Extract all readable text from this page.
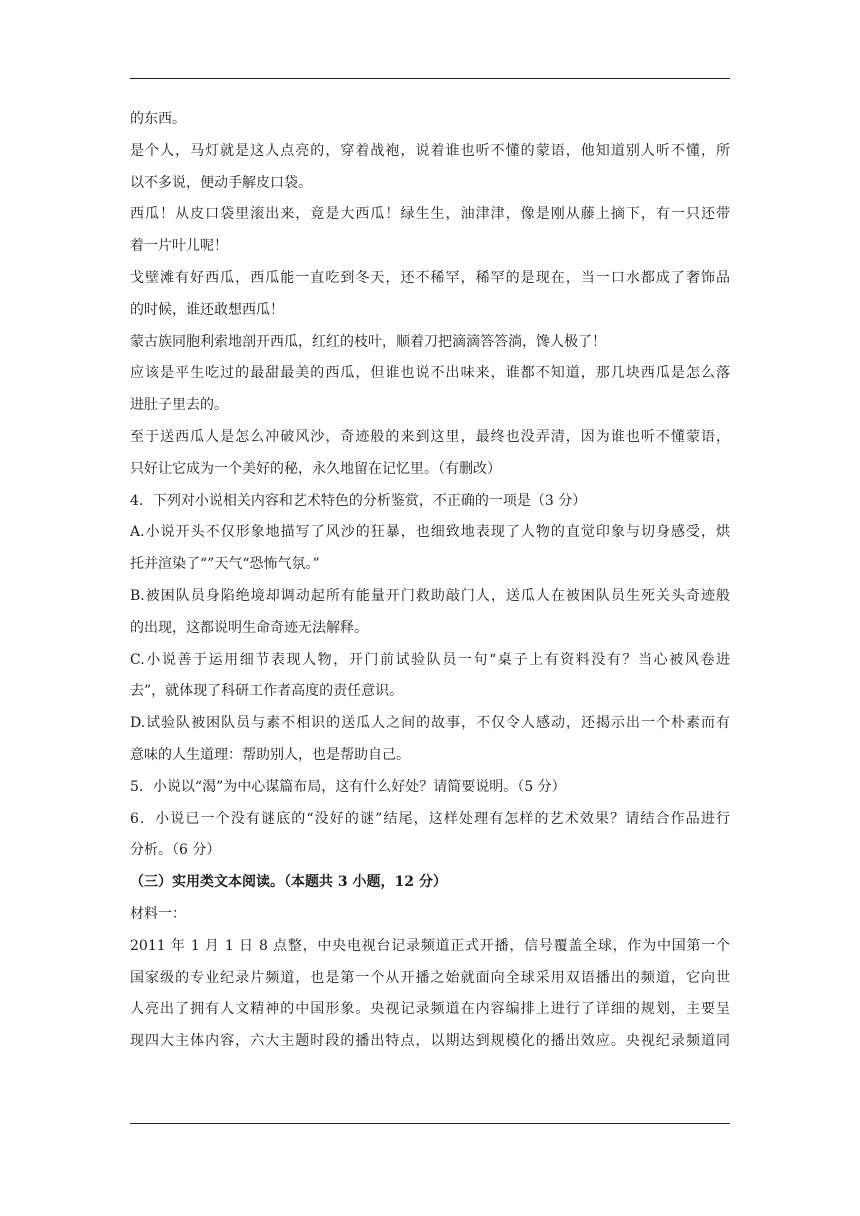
的东西。
是个人，马灯就是这人点亮的，穿着战袍，说着谁也听不懂的蒙语，他知道别人听不懂，所
以不多说，便动手解皮口袋。
西瓜！从皮口袋里滚出来，竟是大西瓜！绿生生，油津津，像是刚从藤上摘下，有一只还带
着一片叶儿呢！
戈壁滩有好西瓜，西瓜能一直吃到冬天，还不稀罕，稀罕的是现在，当一口水都成了奢饰品
的时候，谁还敢想西瓜！
蒙古族同胞利索地剖开西瓜，红红的枝叶，顺着刀把滴滴答答淌，馋人极了！
应该是平生吃过的最甜最美的西瓜，但谁也说不出味来，谁都不知道，那几块西瓜是怎么落
进肚子里去的。
至于送西瓜人是怎么冲破风沙，奇迹般的来到这里，最终也没弄清，因为谁也听不懂蒙语，
只好让它成为一个美好的秘，永久地留在记忆里。（有删改）
4．下列对小说相关内容和艺术特色的分析鉴赏，不正确的一项是（3 分）
A.小说开头不仅形象地描写了风沙的狂暴，也细致地表现了人物的直觉印象与切身感受，烘
托并渲染了“”天气“恐怖气氛。”
B.被困队员身陷绝境却调动起所有能量开门救助敲门人，送瓜人在被困队员生死关头奇迹般
的出现，这都说明生命奇迹无法解释。
C.小说善于运用细节表现人物，开门前试验队员一句“桌子上有资料没有？当心被风卷进
去”，就体现了科研工作者高度的责任意识。
D.试验队被困队员与素不相识的送瓜人之间的故事，不仅令人感动，还揭示出一个朴素而有
意味的人生道理：帮助别人，也是帮助自己。
5．小说以“渴”为中心谋篇布局，这有什么好处？请简要说明。（5 分）
6．小说已一个没有谜底的“没好的谜”结尾，这样处理有怎样的艺术效果？请结合作品进行
分析。（6 分）
（三）实用类文本阅读。（本题共 3 小题，12 分）
材料一：
2011 年 1 月 1 日 8 点整，中央电视台记录频道正式开播，信号覆盖全球，作为中国第一个
国家级的专业纪录片频道，也是第一个从开播之始就面向全球采用双语播出的频道，它向世
人亮出了拥有人文精神的中国形象。央视记录频道在内容编排上进行了详细的规划，主要呈
现四大主体内容，六大主题时段的播出特点，以期达到规模化的播出效应。央视纪录频道同
